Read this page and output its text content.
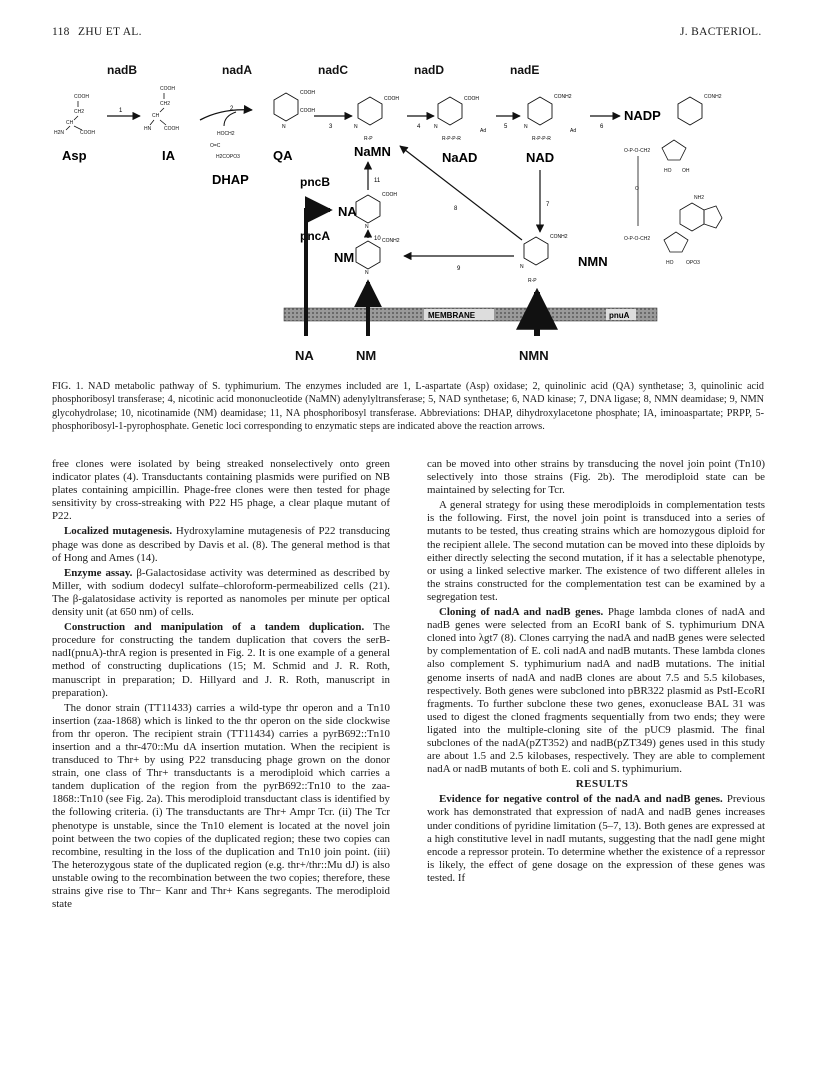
118 ZHU ET AL.	J. BACTERIOL.
nadB	nadA	nadC	nadD	nadE
COOH
CH2
CH
H2N	COOH
Asp
1
COOH
CH2
CH
HN	COOH
IA
2
HOCH2
O=C
H2COPO3
DHAP
COOH
COOH
N
QA
3
COOH
N
R-P
NaMN
4
COOH
N
R-P-P-R
Ad
NaAD
5
CONH2
N
R-P-P-R
Ad
NAD
6
NADP
CONH2
O-P-O-CH2
HO OH
O
NH2
O-P-O-CH2
HO	OPO3
CONH2
N
R-P
NMN
7
8
9
NM
CONH2
N
10
pncA
NA
COOH
N
11
pncB
MEMBRANE	pnuA
NA	NM	NMN
FIG. 1. NAD metabolic pathway of S. typhimurium. The enzymes included are 1, L-aspartate (Asp) oxidase; 2, quinolinic acid (QA) synthetase; 3, quinolinic acid phosphoribosyl transferase; 4, nicotinic acid mononucleotide (NaMN) adenylyltransferase; 5, NAD synthetase; 6, NAD kinase; 7, DNA ligase; 8, NMN deamidase; 9, NMN glycohydrolase; 10, nicotinamide (NM) deamidase; 11, NA phosphoribosyl transferase. Abbreviations: DHAP, dihydroxylacetone phosphate; IA, iminoaspartate; PRPP, 5-phosphoribosyl-1-pyrophosphate. Genetic loci corresponding to enzymatic steps are indicated above the reaction arrows.

free clones were isolated by being streaked nonselectively onto green indicator plates (4). Transductants containing plasmids were purified on NB plates containing ampicillin. Phage-free clones were then tested for phage sensitivity by cross-streaking with P22 H5 phage, a clear plaque mutant of P22.

Localized mutagenesis. Hydroxylamine mutagenesis of P22 transducing phage was done as described by Davis et al. (8). The general method is that of Hong and Ames (14).

Enzyme assay. β-Galactosidase activity was determined as described by Miller, with sodium dodecyl sulfate–chloroform-permeabilized cells (21). The β-galatosidase activity is reported as nanomoles per minute per optical density unit (at 650 nm) of cells.

Construction and manipulation of a tandem duplication. The procedure for constructing the tandem duplication that covers the serB-nadI(pnuA)-thrA region is presented in Fig. 2. It is one example of a general method of constructing duplications (15; M. Schmid and J. R. Roth, manuscript in preparation; D. Hillyard and J. R. Roth, manuscript in preparation).

The donor strain (TT11433) carries a wild-type thr operon and a Tn10 insertion (zaa-1868) which is linked to the thr operon on the side clockwise from thr operon. The recipient strain (TT11434) carries a pyrB692::Tn10 insertion and a thr-470::Mu dA insertion mutation. When the recipient is transduced to Thr+ by using P22 transducing phage grown on the donor strain, one class of Thr+ transductants is a merodiploid which carries a tandem duplication of the region from the pyrB692::Tn10 to the zaa-1868::Tn10 (see Fig. 2a). This merodiploid transductant class is identified by the following criteria. (i) The transductants are Thr+ Ampr Tcr. (ii) The Tcr phenotype is unstable, since the Tn10 element is located at the novel join point between the two copies of the duplicated region; these two copies can recombine, resulting in the loss of the duplication and Tn10 join point. (iii) The heterozygous state of the duplicated region (e.g. thr+/thr::Mu dJ) is also unstable owing to the recombination between the two copies; therefore, these strains give rise to Thr− Kanr and Thr+ Kans segregants. The merodiploid state

can be moved into other strains by transducing the novel join point (Tn10) selectively into those strains (Fig. 2b). The merodiploid state can be maintained by selecting for Tcr.

A general strategy for using these merodiploids in complementation tests is the following. First, the novel join point is transduced into a series of mutants to be tested, thus creating strains which are homozygous diploid for the recipient allele. The second mutation can be moved into these diploids by either directly selecting the second mutation, if it has a selectable phenotype, or using a linked selective marker. The existence of two different alleles in the strains constructed for the complementation test can be examined by a segregation test.

Cloning of nadA and nadB genes. Phage lambda clones of nadA and nadB genes were selected from an EcoRI bank of S. typhimurium DNA cloned into λgt7 (8). Clones carrying the nadA and nadB genes were selected by complementation of E. coli nadA and nadB mutants. These lambda clones also complement S. typhimurium nadA and nadB mutations. The initial genome inserts of nadA and nadB clones are about 7.5 and 5.5 kilobases, respectively. Both genes were subcloned into pBR322 plasmid as PstI-EcoRI fragments. To further subclone these two genes, exonuclease BAL 31 was used to digest the cloned fragments sequentially from two ends; they were ligated into the multiple-cloning site of the pUC9 plasmid. The final subclones of the nadA(pZT352) and nadB(pZT349) genes used in this study are about 1.5 and 2.5 kilobases, respectively. They are able to complement nadA or nadB mutants of both E. coli and S. typhimurium.

RESULTS

Evidence for negative control of the nadA and nadB genes. Previous work has demonstrated that expression of nadA and nadB genes increases under conditions of pyridine limitation (5–7, 13). Both genes are expressed at a high constitutive level in nadI mutants, suggesting that the nadI gene might encode a repressor protein. To determine whether the existence of a repressor is likely, the effect of gene dosage on the expression of these genes was tested. If
